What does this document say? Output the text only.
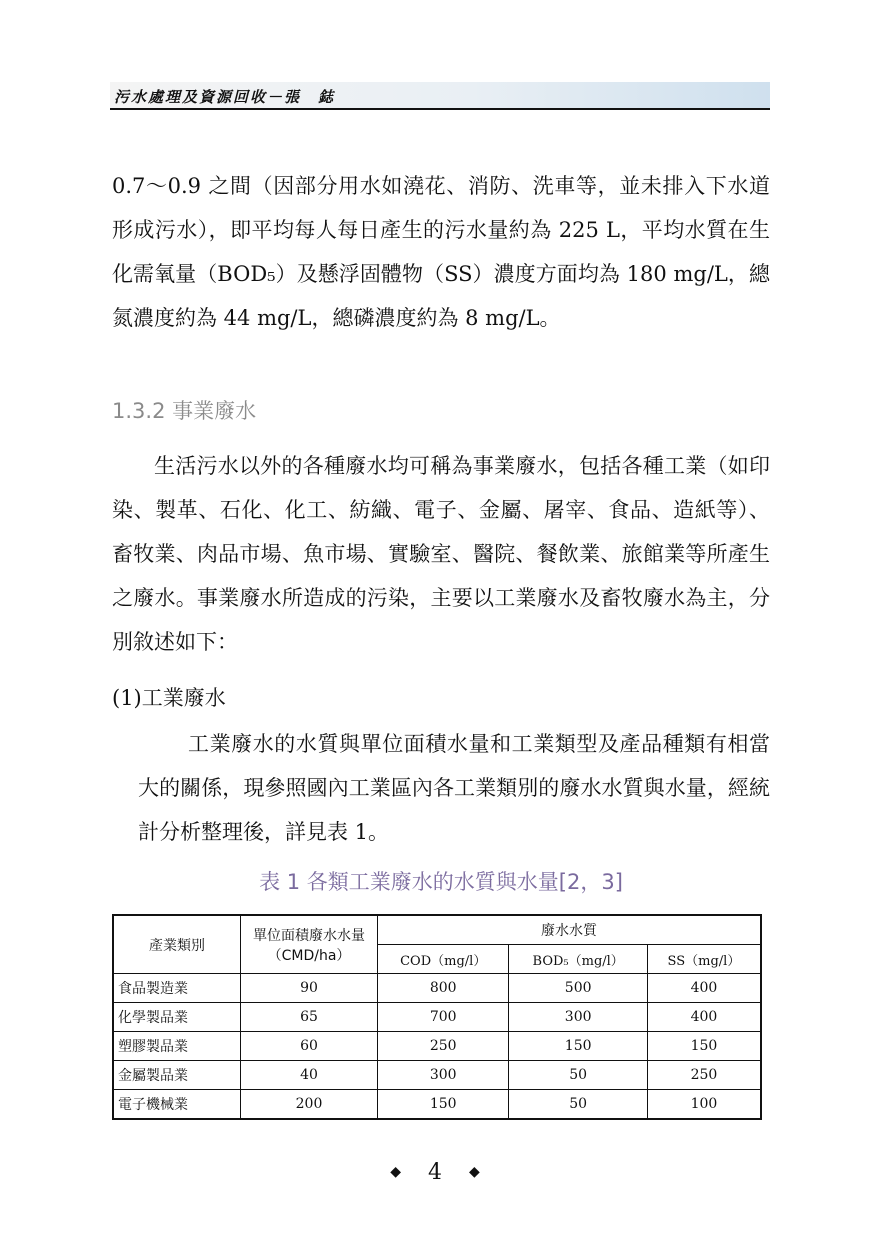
污水處理及資源回收－張　鋕
0.7～0.9 之間（因部分用水如澆花、消防、洗車等，並未排入下水道形成污水），即平均每人每日產生的污水量約為 225 L，平均水質在生化需氧量（BOD₅）及懸浮固體物（SS）濃度方面均為 180 mg/L，總氮濃度約為 44 mg/L，總磷濃度約為 8 mg/L。
1.3.2 事業廢水
生活污水以外的各種廢水均可稱為事業廢水，包括各種工業（如印染、製革、石化、化工、紡織、電子、金屬、屠宰、食品、造紙等）、畜牧業、肉品市場、魚市場、實驗室、醫院、餐飲業、旅館業等所產生之廢水。事業廢水所造成的污染，主要以工業廢水及畜牧廢水為主，分別敘述如下：
(1)工業廢水
工業廢水的水質與單位面積水量和工業類型及產品種類有相當大的關係，現參照國內工業區內各工業類別的廢水水質與水量，經統計分析整理後，詳見表 1。
表 1 各類工業廢水的水質與水量[2，3]
產業類別	單位面積廢水水量（CMD/ha）	廢水水質		
		COD（mg/l）	BOD₅（mg/l）	SS（mg/l）
食品製造業	90	800	500	400
化學製品業	65	700	300	400
塑膠製品業	60	250	150	150
金屬製品業	40	300	50	250
電子機械業	200	150	50	100
◆ 4 ◆
